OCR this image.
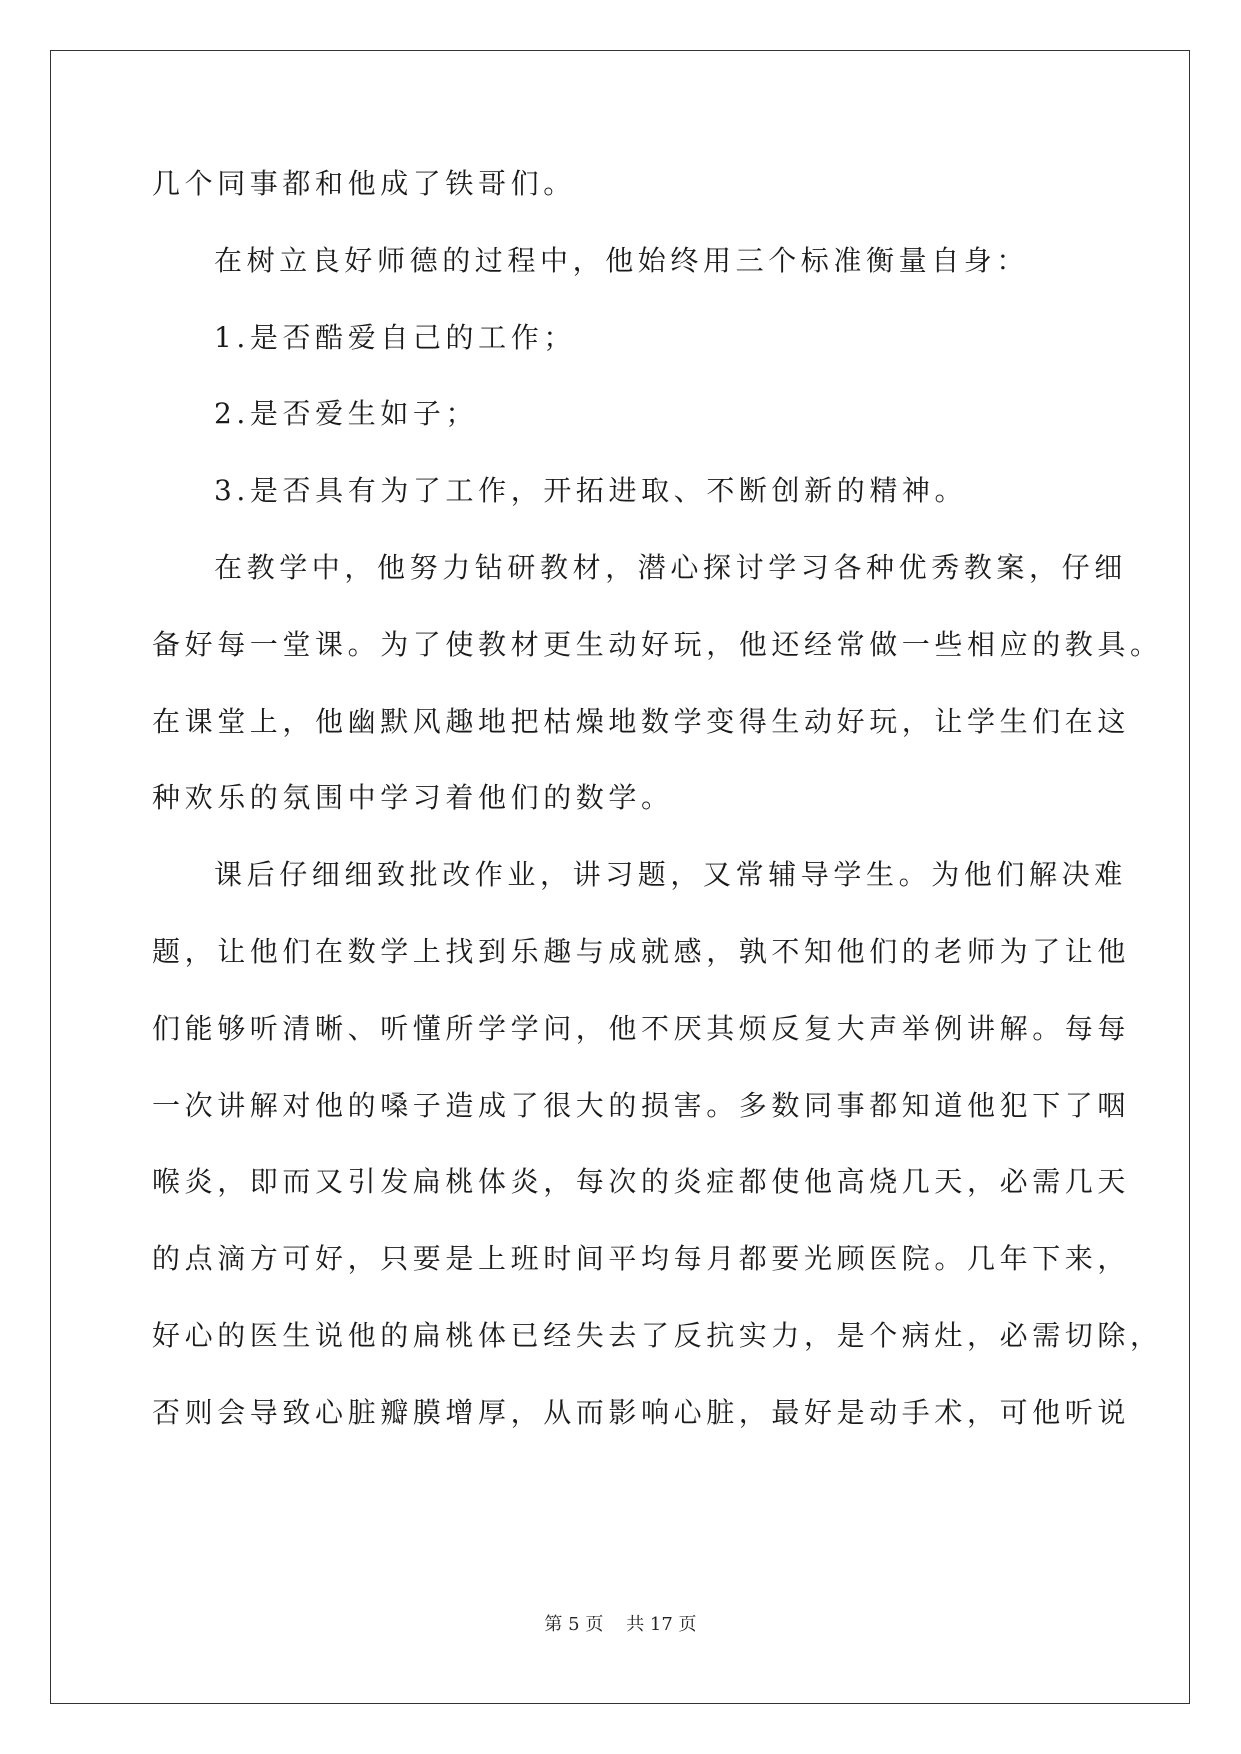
几个同事都和他成了铁哥们。
在树立良好师德的过程中，他始终用三个标准衡量自身：
1.是否酷爱自己的工作；
2.是否爱生如子；
3.是否具有为了工作，开拓进取、不断创新的精神。
在教学中，他努力钻研教材，潜心探讨学习各种优秀教案，仔细
备好每一堂课。为了使教材更生动好玩，他还经常做一些相应的教具。
在课堂上，他幽默风趣地把枯燥地数学变得生动好玩，让学生们在这
种欢乐的氛围中学习着他们的数学。
课后仔细细致批改作业，讲习题，又常辅导学生。为他们解决难
题，让他们在数学上找到乐趣与成就感，孰不知他们的老师为了让他
们能够听清晰、听懂所学学问，他不厌其烦反复大声举例讲解。每每
一次讲解对他的嗓子造成了很大的损害。多数同事都知道他犯下了咽
喉炎，即而又引发扁桃体炎，每次的炎症都使他高烧几天，必需几天
的点滴方可好，只要是上班时间平均每月都要光顾医院。几年下来，
好心的医生说他的扁桃体已经失去了反抗实力，是个病灶，必需切除，
否则会导致心脏瓣膜增厚，从而影响心脏，最好是动手术，可他听说
第 5 页    共 17 页
